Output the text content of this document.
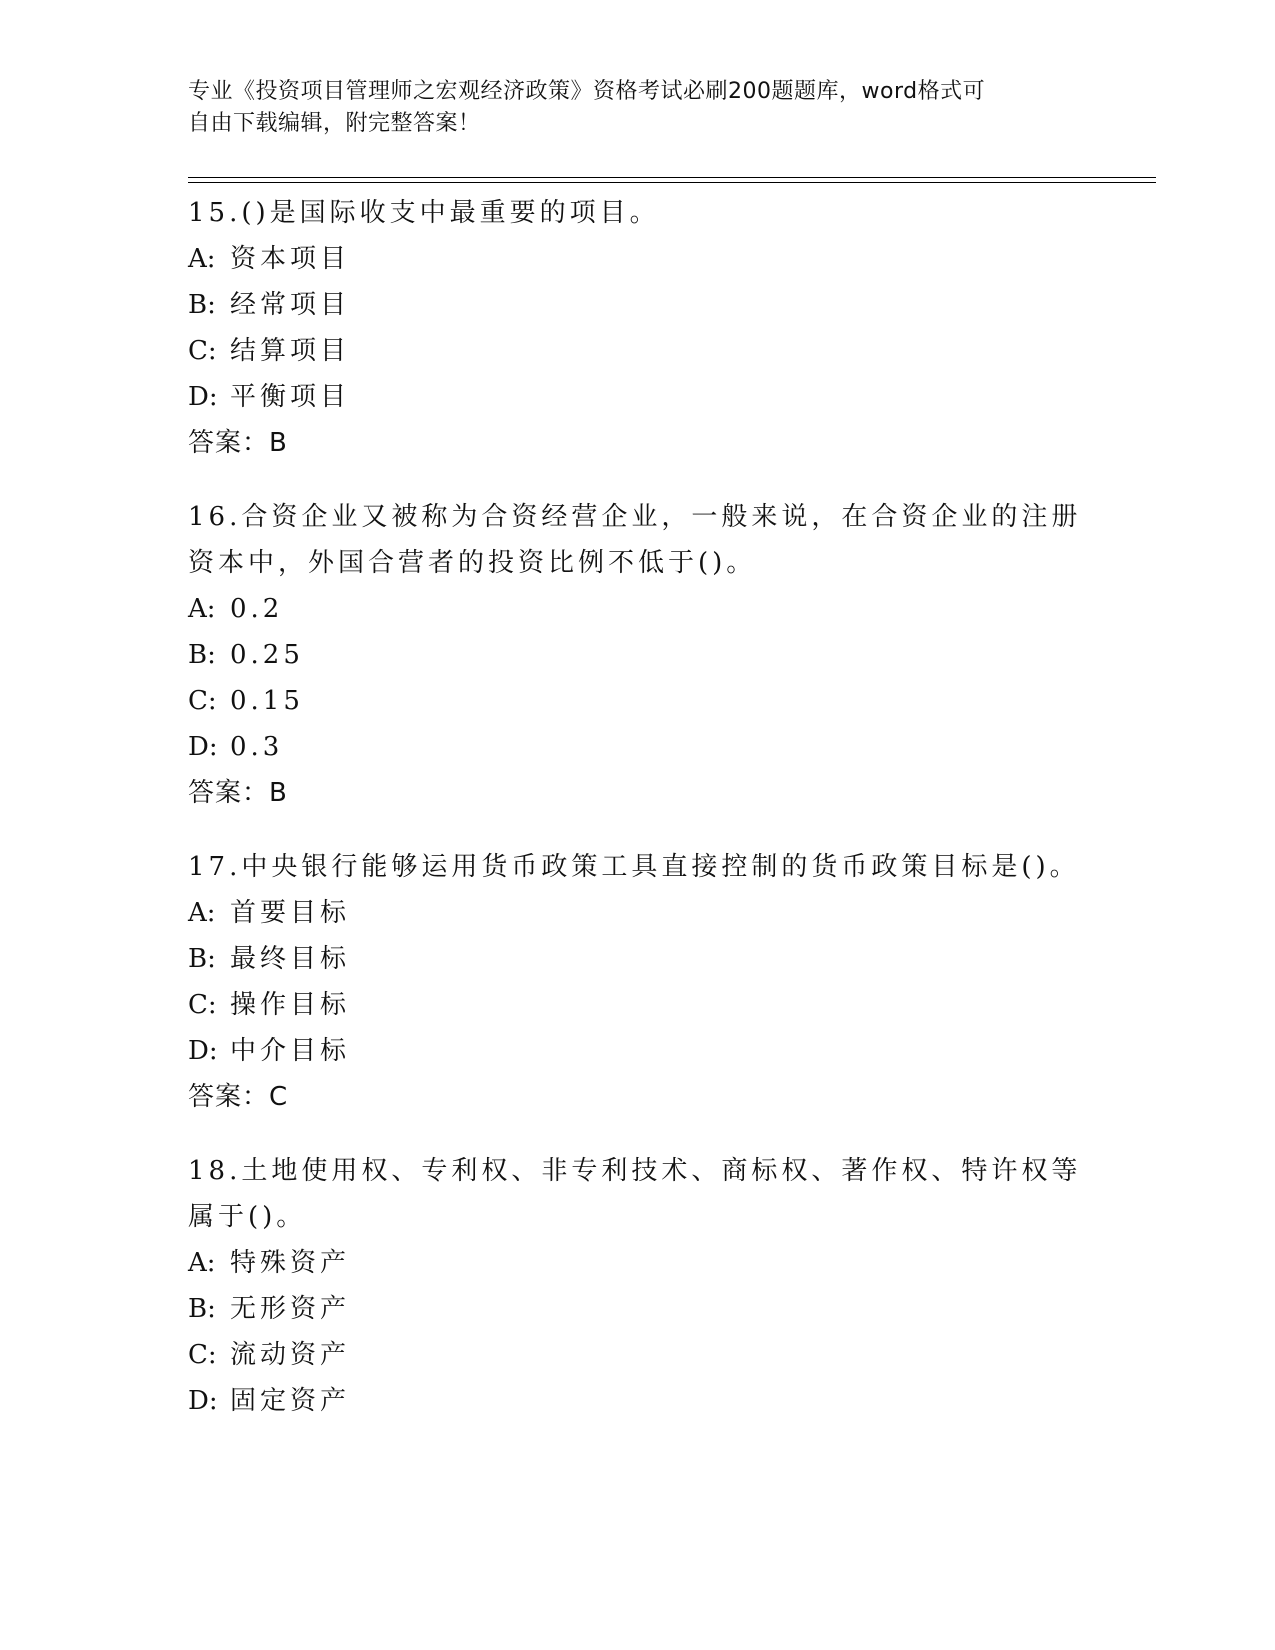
专业《投资项目管理师之宏观经济政策》资格考试必刷200题题库，word格式可
自由下载编辑，附完整答案！

15.()是国际收支中最重要的项目。

A: 资本项目

B: 经常项目

C: 结算项目

D: 平衡项目

答案：B

16.合资企业又被称为合资经营企业，一般来说，在合资企业的注册资本中，外国合营者的投资比例不低于()。

A: 0.2

B: 0.25

C: 0.15

D: 0.3

答案：B

17.中央银行能够运用货币政策工具直接控制的货币政策目标是()。

A: 首要目标

B: 最终目标

C: 操作目标

D: 中介目标

答案：C

18.土地使用权、专利权、非专利技术、商标权、著作权、特许权等属于()。

A: 特殊资产

B: 无形资产

C: 流动资产

D: 固定资产
